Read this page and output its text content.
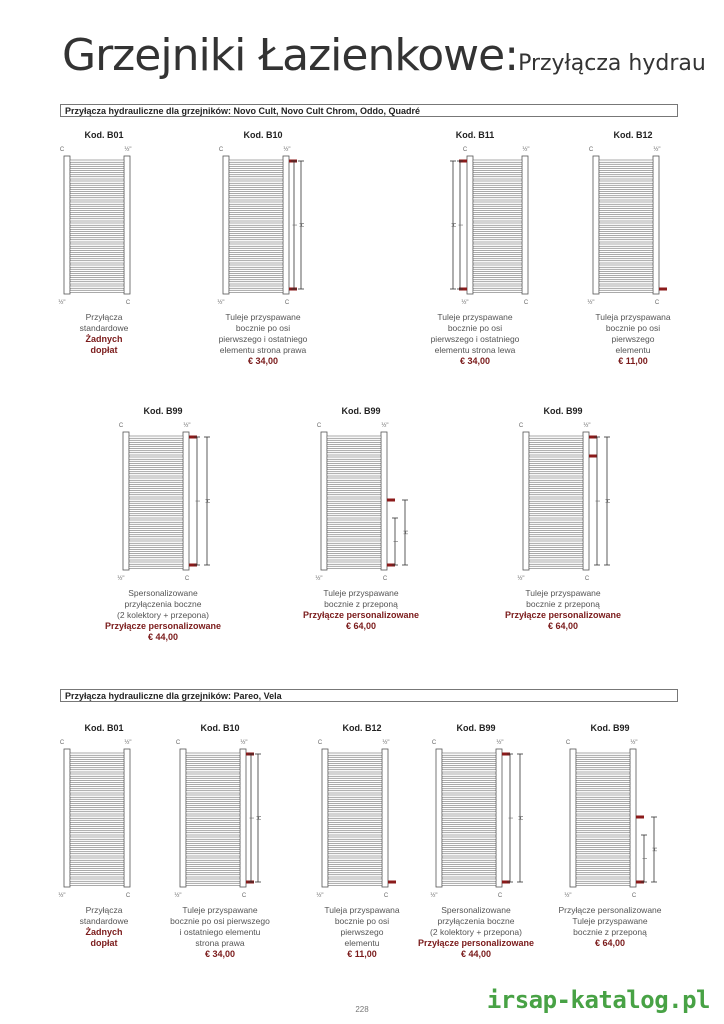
Grzejniki Łazienkowe:Przyłącza hydrau
Przyłącza hydrauliczne dla grzejników: Novo Cult, Novo Cult Chrom, Oddo, Quadré
Przyłącza hydrauliczne dla grzejników: Pareo, Vela
Kod. B01
C	½"
½"	C
Przyłącza
standardowe
Żadnych
dopłat
Kod. B10
C	½"
½"	C
H
I
Tuleje przyspawane
bocznie po osi
pierwszego i ostatniego
elementu strona prawa
€ 34,00
Kod. B11
C	½"
½"	C
H I
Tuleje przyspawane
bocznie po osi
pierwszego i ostatniego
elementu strona lewa
€ 34,00
Kod. B12
C	½"
½"	C
Tuleja przyspawana
bocznie po osi
pierwszego
elementu
€ 11,00
Kod. B99
C	½"
½"	C
H
I
Spersonalizowane
przyłączenia boczne
(2 kolektory + przepona)
Przyłącze personalizowane
€ 44,00
Kod. B99
C	½"
½"	C
H
I
Tuleje przyspawane
bocznie z przeponą
Przyłącze personalizowane
€ 64,00
Kod. B99
C	½"
½"	C
H
I
Tuleje przyspawane
bocznie z przeponą
Przyłącze personalizowane
€ 64,00
Kod. B01
C	½"
½"	C
Przyłącza
standardowe
Żadnych
dopłat
Kod. B10
C	½"
½"	C
H
I
Tuleje przyspawane
bocznie po osi pierwszego
i ostatniego elementu
strona prawa
€ 34,00
Kod. B12
C	½"
½"	C
Tuleja przyspawana
bocznie po osi
pierwszego
elementu
€ 11,00
Kod. B99
C	½"
½"	C
H
I
Spersonalizowane
przyłączenia boczne
(2 kolektory + przepona)
Przyłącze personalizowane
€ 44,00
Kod. B99
C	½"
½"	C
H
I
Przyłącze personalizowane
Tuleje przyspawane
bocznie z przeponą
€ 64,00
228	irsap-katalog.pl
